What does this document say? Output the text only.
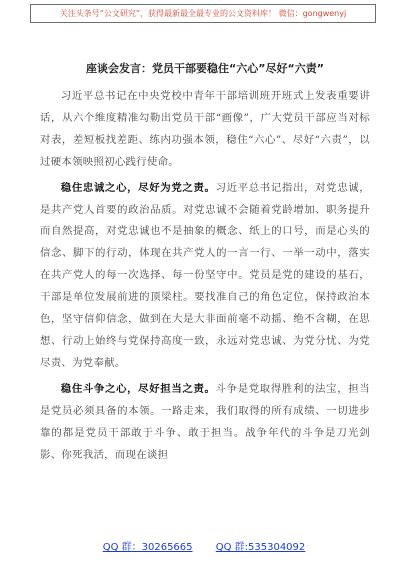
关注头条号“公文研究”，获得最新最全最专业的公文资料库！ 微信：gongwenyj

座谈会发言：党员干部要稳住“六心”尽好“六责”

习近平总书记在中央党校中青年干部培训班开班式上发表重要讲话，从六个维度精准勾勒出党员干部“画像”，广大党员干部应当对标对表，差短板找差距、练内功强本领，稳住“六心”、尽好“六责”，以过硬本领映照初心践行使命。

稳住忠诚之心，尽好为党之责。习近平总书记指出，对党忠诚，是共产党人首要的政治品质。对党忠诚不会随着党龄增加、职务提升而自然提高，对党忠诚也不是抽象的概念、纸上的口号，而是心头的信念、脚下的行动，体现在共产党人的一言一行、一举一动中，落实在共产党人的每一次选择、每一份坚守中。党员是党的建设的基石，干部是单位发展前进的顶梁柱。要找准自己的角色定位，保持政治本色，坚守信仰信念，做到在大是大非面前毫不动摇、绝不含糊，在思想、行动上始终与党保持高度一致，永远对党忠诚、为党分忧、为党尽责、为党奉献。

稳住斗争之心，尽好担当之责。斗争是党取得胜利的法宝，担当是党员必须具备的本领。一路走来，我们取得的所有成绩、一切进步靠的都是党员干部敢于斗争、敢于担当。战争年代的斗争是刀光剑影、你死我活，而现在谈担

QQ 群：30265665 QQ 群:535304092
